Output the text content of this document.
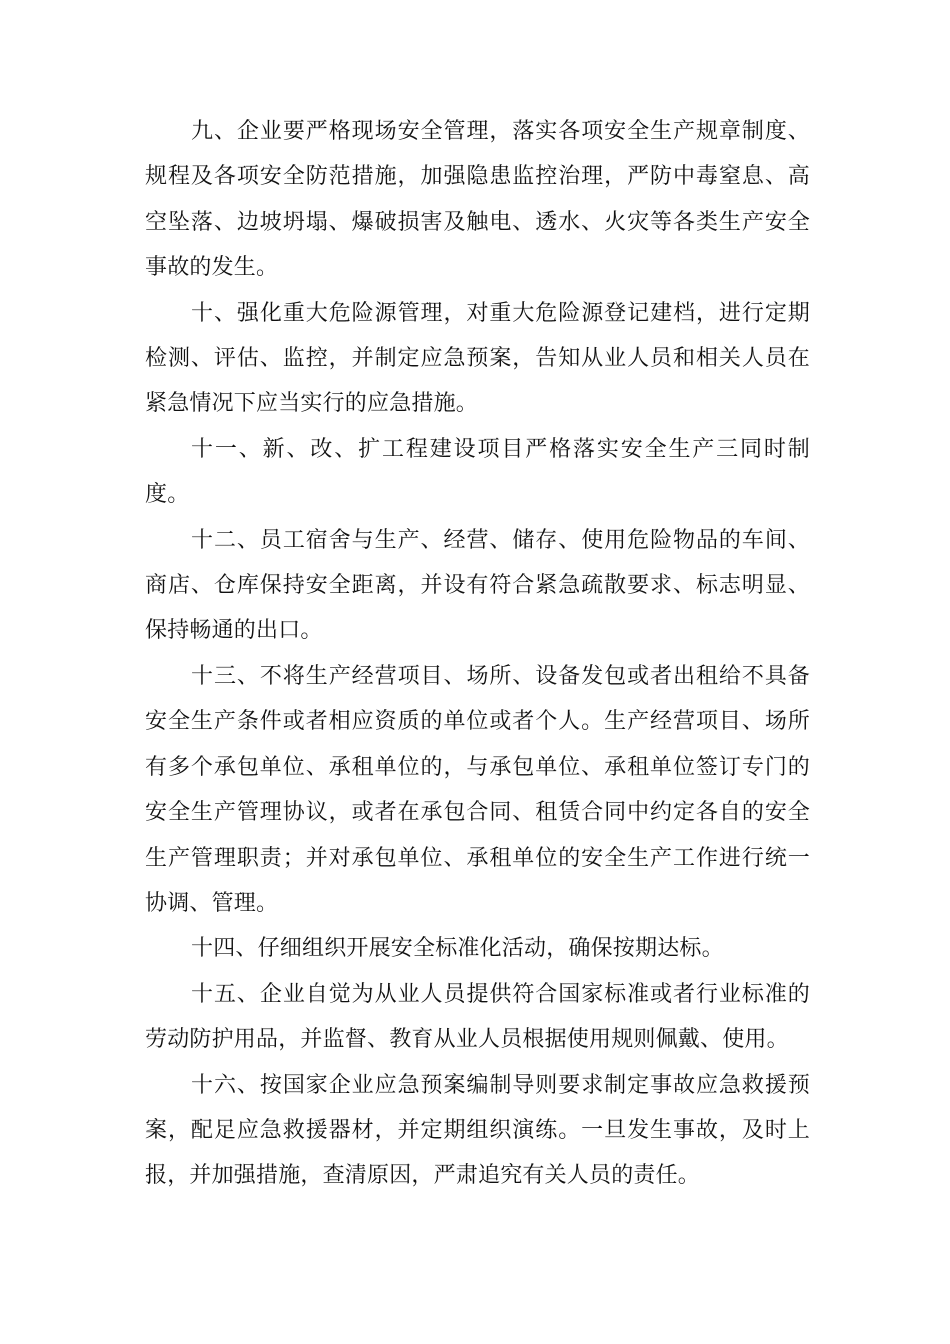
九、企业要严格现场安全管理，落实各项安全生产规章制度、规程及各项安全防范措施，加强隐患监控治理，严防中毒窒息、高空坠落、边坡坍塌、爆破损害及触电、透水、火灾等各类生产安全事故的发生。

十、强化重大危险源管理，对重大危险源登记建档，进行定期检测、评估、监控，并制定应急预案，告知从业人员和相关人员在紧急情况下应当实行的应急措施。

十一、新、改、扩工程建设项目严格落实安全生产三同时制度。

十二、员工宿舍与生产、经营、储存、使用危险物品的车间、商店、仓库保持安全距离，并设有符合紧急疏散要求、标志明显、保持畅通的出口。

十三、不将生产经营项目、场所、设备发包或者出租给不具备安全生产条件或者相应资质的单位或者个人。生产经营项目、场所有多个承包单位、承租单位的，与承包单位、承租单位签订专门的安全生产管理协议，或者在承包合同、租赁合同中约定各自的安全生产管理职责；并对承包单位、承租单位的安全生产工作进行统一协调、管理。

十四、仔细组织开展安全标准化活动，确保按期达标。

十五、企业自觉为从业人员提供符合国家标准或者行业标准的劳动防护用品，并监督、教育从业人员根据使用规则佩戴、使用。

十六、按国家企业应急预案编制导则要求制定事故应急救援预案，配足应急救援器材，并定期组织演练。一旦发生事故，及时上报，并加强措施，查清原因，严肃追究有关人员的责任。
